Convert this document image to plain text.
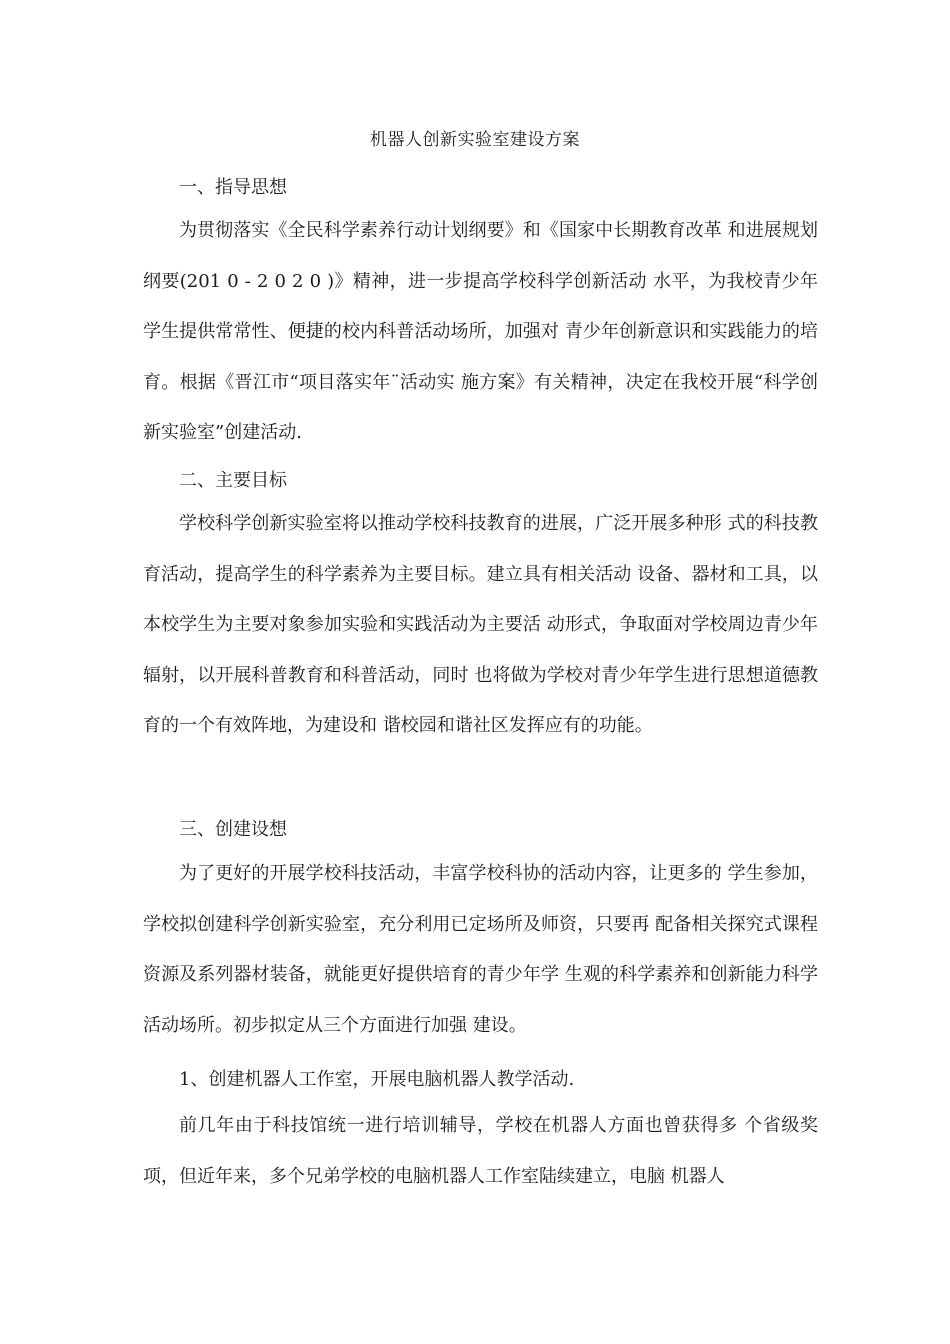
机器人创新实验室建设方案
一、指导思想

为贯彻落实《全民科学素养行动计划纲要》和《国家中长期教育改革 和进展规划纲要(201 0 - 2 0 2 0 )》精神，进一步提高学校科学创新活动 水平，为我校青少年学生提供常常性、便捷的校内科普活动场所，加强对 青少年创新意识和实践能力的培育。根据《晋江市“项目落实年¨活动实 施方案》有关精神，决定在我校开展“科学创新实验室”创建活动.

二、主要目标

学校科学创新实验室将以推动学校科技教育的进展，广泛开展多种形 式的科技教育活动，提高学生的科学素养为主要目标。建立具有相关活动 设备、器材和工具，以本校学生为主要对象参加实验和实践活动为主要活 动形式，争取面对学校周边青少年辐射，以开展科普教育和科普活动，同时 也将做为学校对青少年学生进行思想道德教育的一个有效阵地，为建设和 谐校园和谐社区发挥应有的功能。

三、创建设想

为了更好的开展学校科技活动，丰富学校科协的活动内容，让更多的 学生参加，学校拟创建科学创新实验室，充分利用已定场所及师资，只要再 配备相关探究式课程资源及系列器材装备，就能更好提供培育的青少年学 生观的科学素养和创新能力科学活动场所。初步拟定从三个方面进行加强 建设。

1、创建机器人工作室，开展电脑机器人教学活动.

前几年由于科技馆统一进行培训辅导，学校在机器人方面也曾获得多 个省级奖项，但近年来，多个兄弟学校的电脑机器人工作室陆续建立，电脑 机器人
